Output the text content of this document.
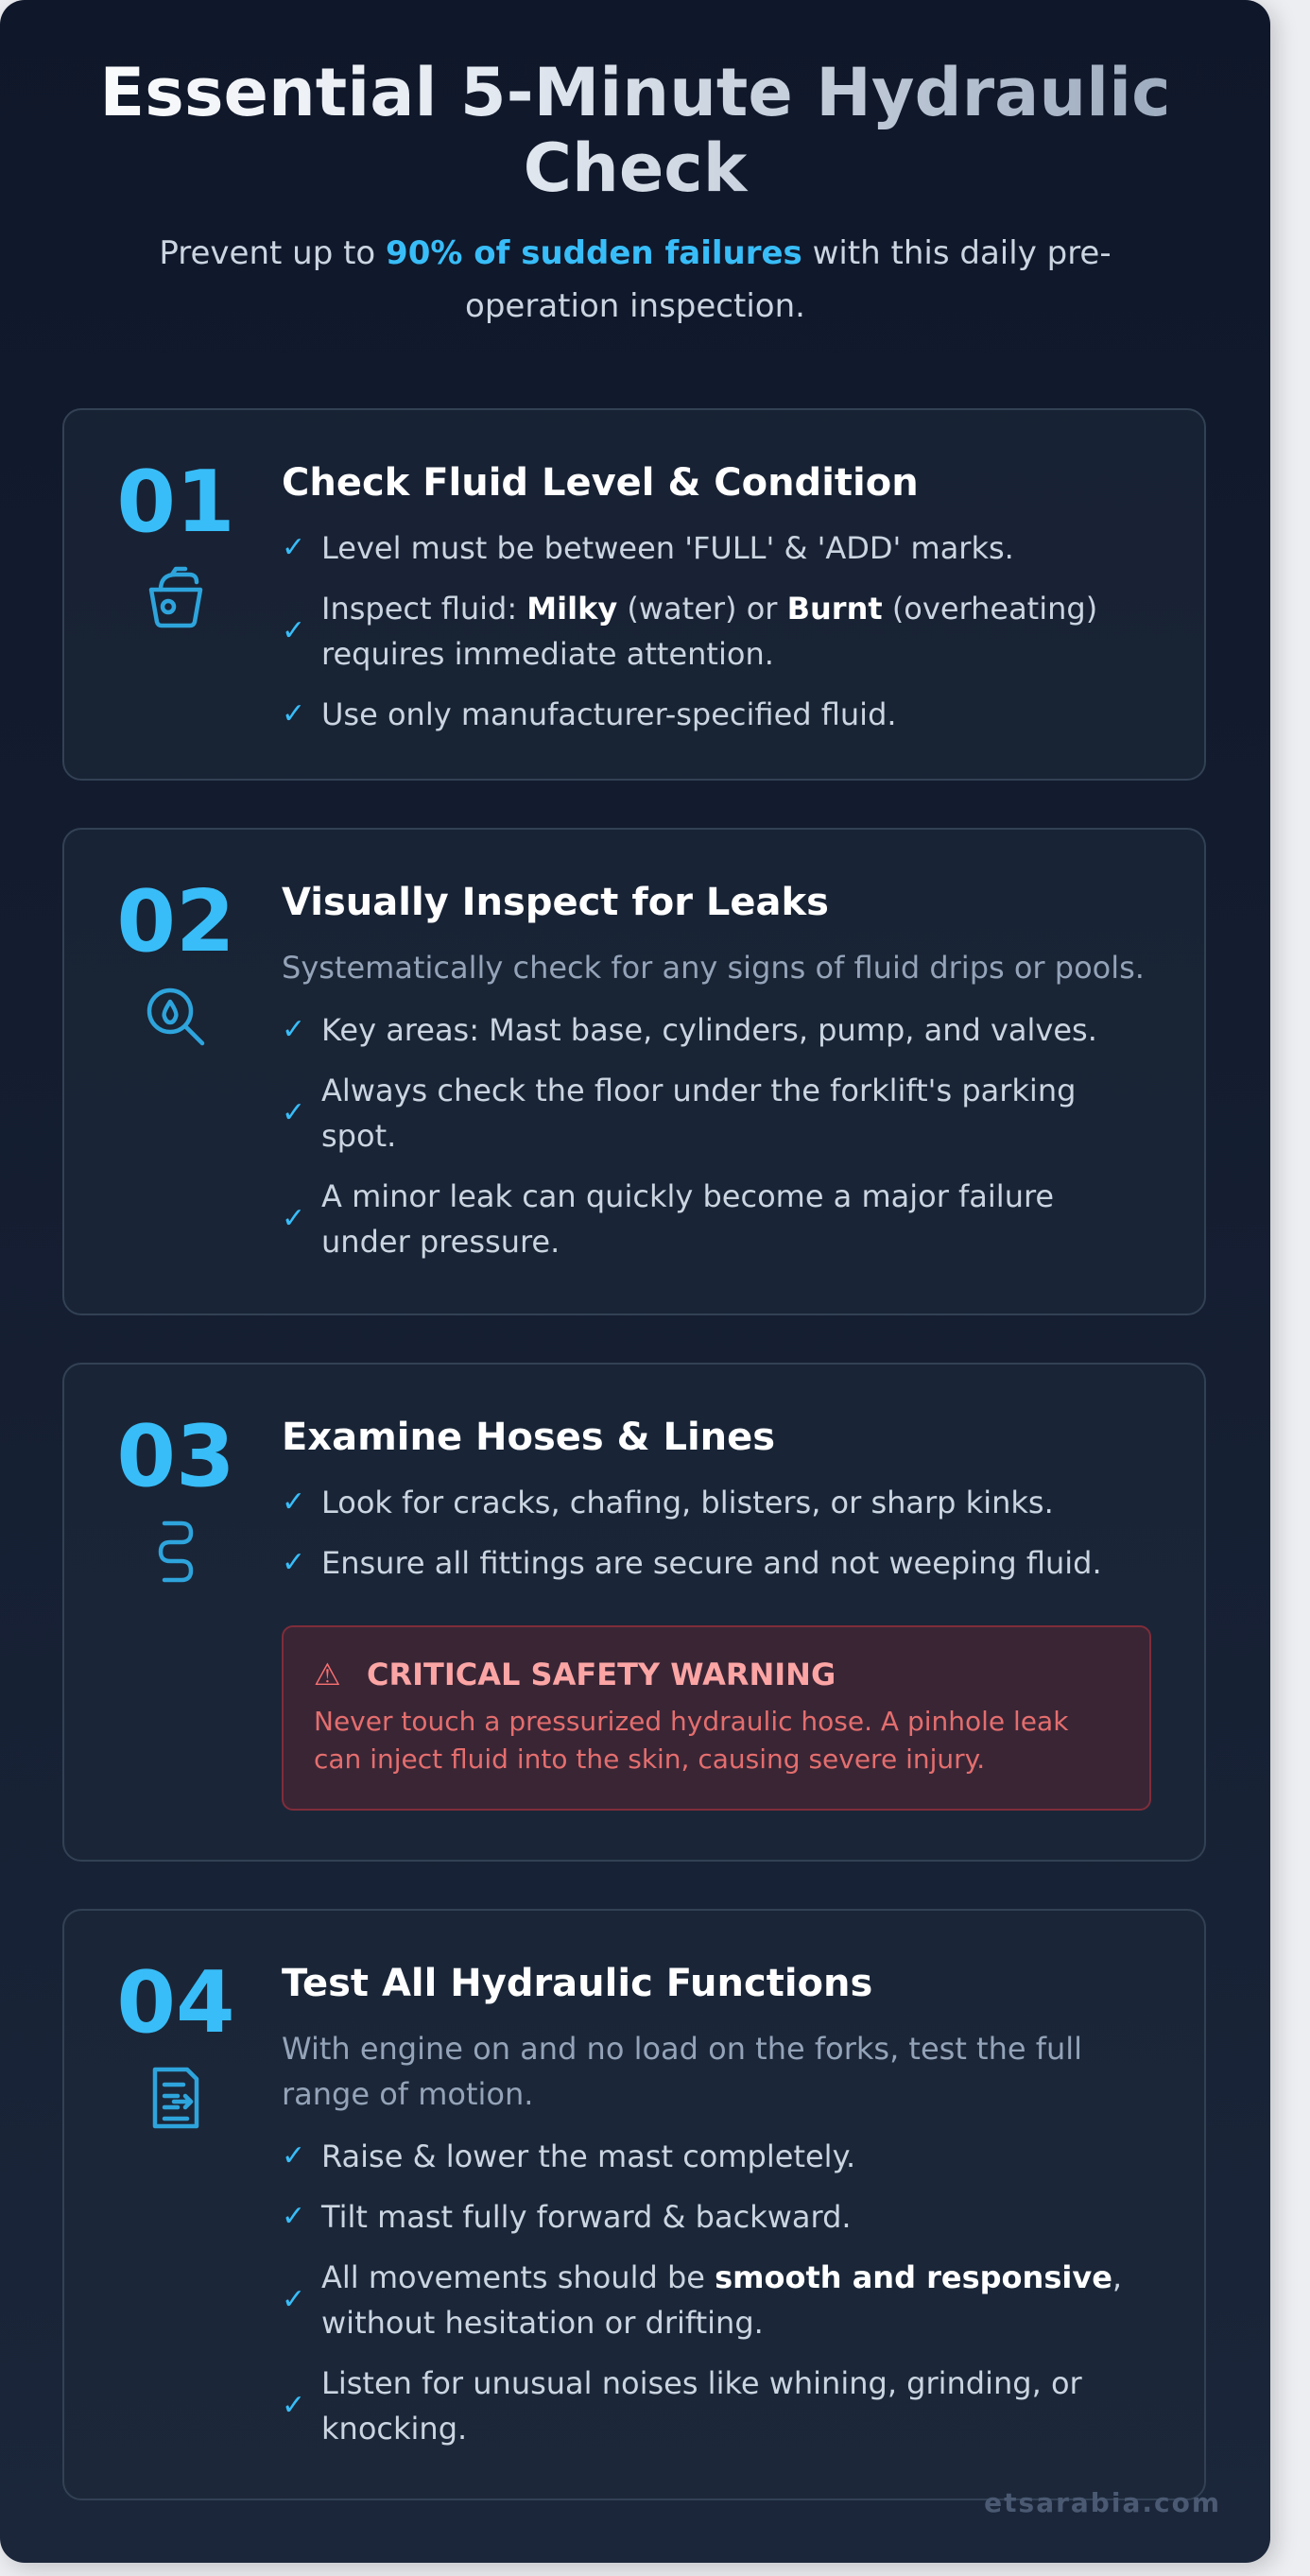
Essential 5-Minute Hydraulic Check

Prevent up to 90% of sudden failures with this daily pre-operation inspection.

01 Check Fluid Level & Condition
✓ Level must be between 'FULL' & 'ADD' marks.
✓
Inspect fluid: Milky (water) or Burnt (overheating) requires immediate attention.
✓ Use only manufacturer-specified fluid.
02 Visually Inspect for Leaks

Systematically check for any signs of fluid drips or pools.

✓ Key areas: Mast base, cylinders, pump, and valves.
✓
Always check the floor under the forklift's parking spot.
✓
A minor leak can quickly become a major failure under pressure.
03 Examine Hoses & Lines
✓ Look for cracks, chafing, blisters, or sharp kinks.
✓ Ensure all fittings are secure and not weeping fluid.
⚠ CRITICAL SAFETY WARNING
Never touch a pressurized hydraulic hose. A pinhole leak can inject fluid into the skin, causing severe injury.
04 Test All Hydraulic Functions

With engine on and no load on the forks, test the full range of motion.

✓ Raise & lower the mast completely.
✓ Tilt mast fully forward & backward.
✓
All movements should be smooth and responsive, without hesitation or drifting.
✓
Listen for unusual noises like whining, grinding, or knocking.
etsarabia.com
